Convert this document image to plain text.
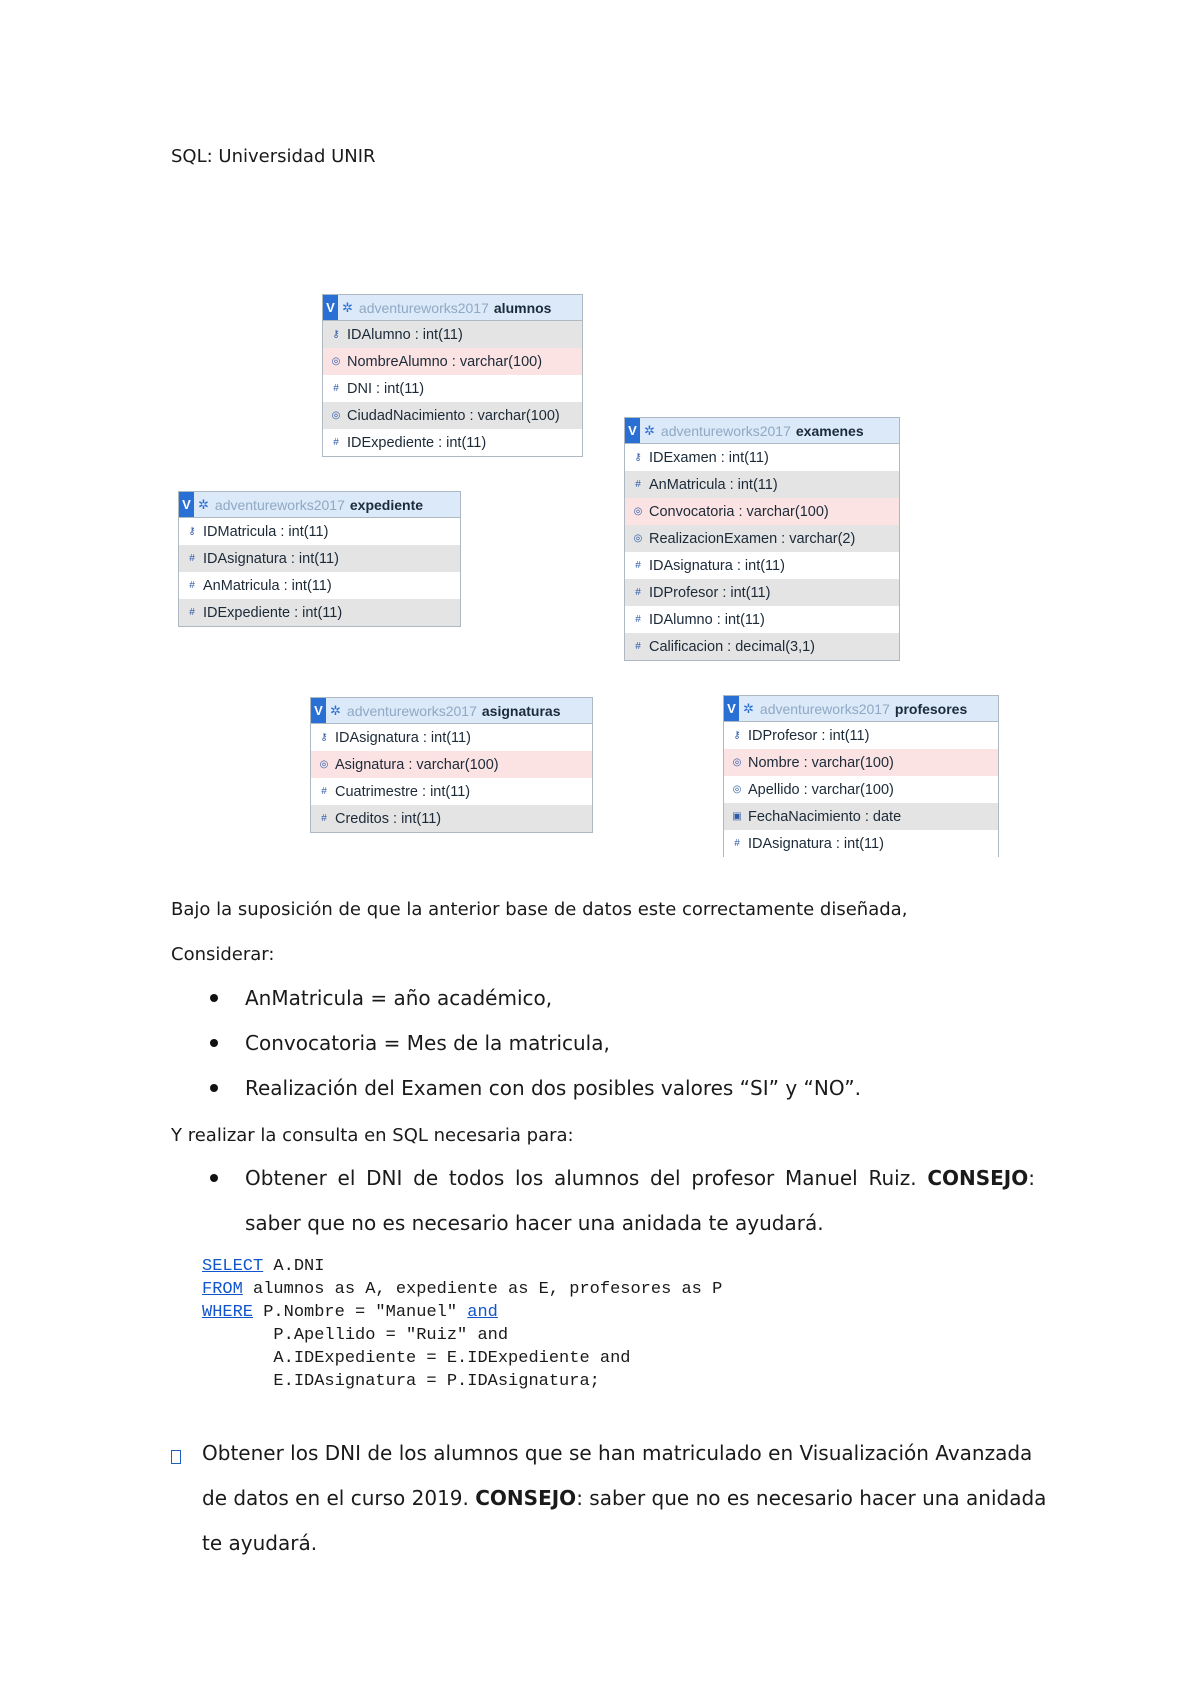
SQL: Universidad UNIR
V ✲ adventureworks2017 alumnos
⚷ IDAlumno : int(11)
◎ NombreAlumno : varchar(100)
# DNI : int(11)
◎ CiudadNacimiento : varchar(100)
# IDExpediente : int(11)
V ✲ adventureworks2017 examenes
⚷ IDExamen : int(11)
# AnMatricula : int(11)
◎ Convocatoria : varchar(100)
◎ RealizacionExamen : varchar(2)
# IDAsignatura : int(11)
# IDProfesor : int(11)
# IDAlumno : int(11)
# Calificacion : decimal(3,1)
V ✲ adventureworks2017 expediente
⚷ IDMatricula : int(11)
# IDAsignatura : int(11)
# AnMatricula : int(11)
# IDExpediente : int(11)
V ✲ adventureworks2017 asignaturas
⚷ IDAsignatura : int(11)
◎ Asignatura : varchar(100)
# Cuatrimestre : int(11)
# Creditos : int(11)
V ✲ adventureworks2017 profesores
⚷ IDProfesor : int(11)
◎ Nombre : varchar(100)
◎ Apellido : varchar(100)
▣ FechaNacimiento : date
# IDAsignatura : int(11)
Bajo la suposición de que la anterior base de datos este correctamente diseñada,
Considerar:
AnMatricula = año académico,
Convocatoria = Mes de la matricula,
Realización del Examen con dos posibles valores “SI” y “NO”.
Y realizar la consulta en SQL necesaria para:
Obtener el DNI de todos los alumnos del profesor Manuel Ruiz. CONSEJO:
saber que no es necesario hacer una anidada te ayudará.
SELECT A.DNI
FROM alumnos as A, expediente as E, profesores as P
WHERE P.Nombre = "Manuel" and
P.Apellido = "Ruiz" and
A.IDExpediente = E.IDExpediente and
E.IDAsignatura = P.IDAsignatura;
Obtener los DNI de los alumnos que se han matriculado en Visualización Avanzada
de datos en el curso 2019. CONSEJO: saber que no es necesario hacer una anidada
te ayudará.
